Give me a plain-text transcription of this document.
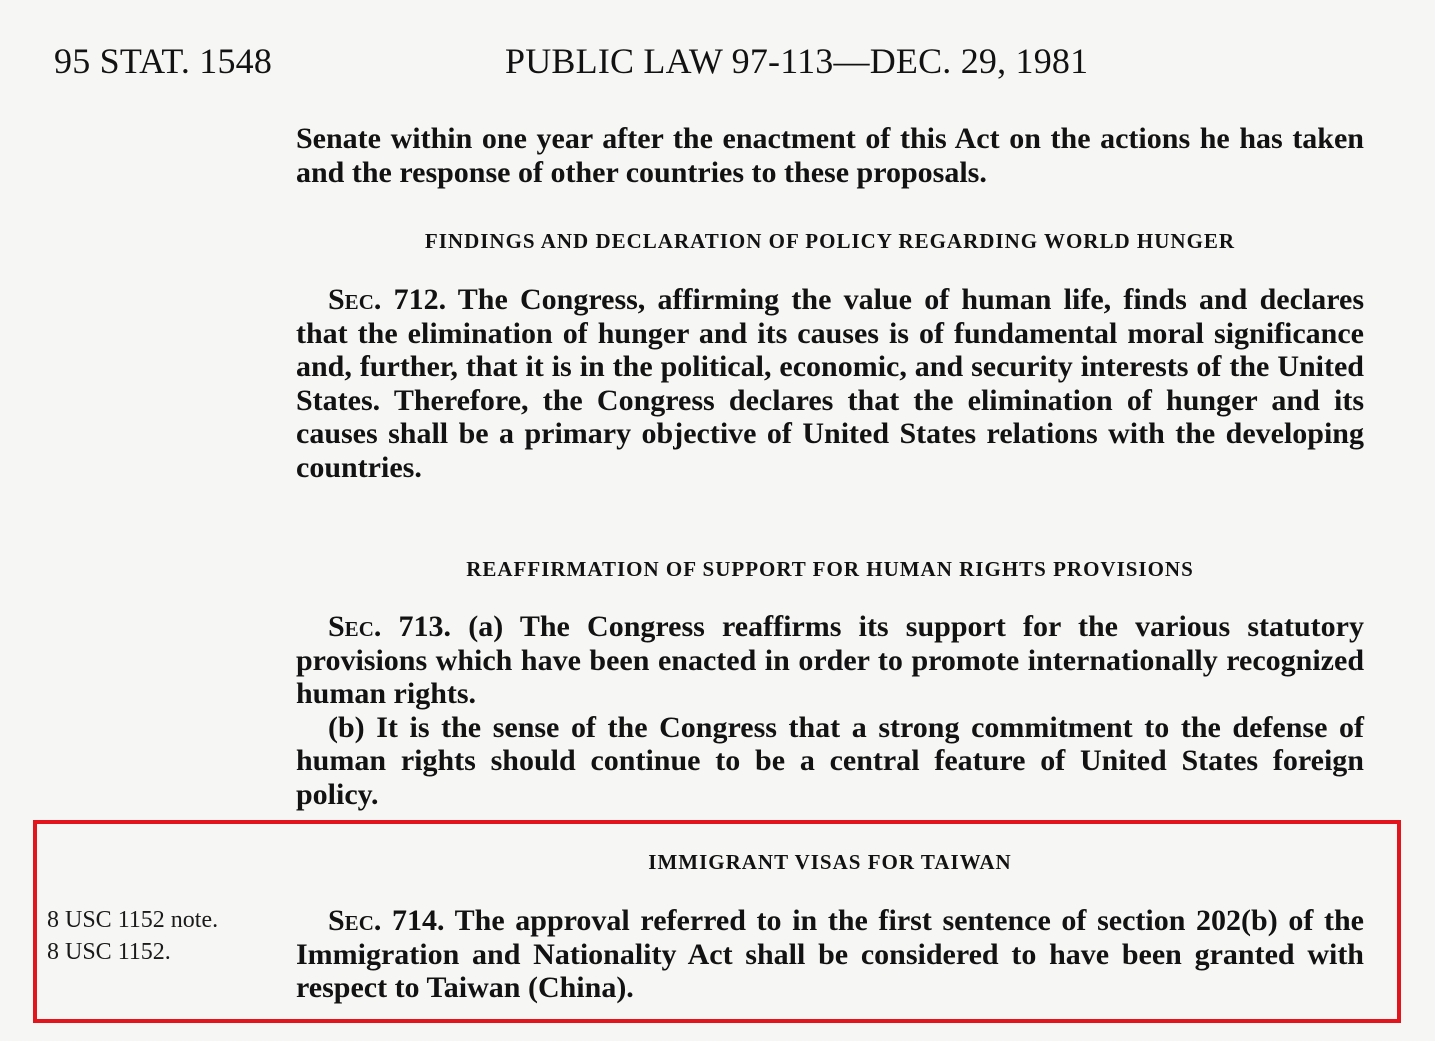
95 STAT. 1548	PUBLIC LAW 97-113—DEC. 29, 1981

Senate within one year after the enactment of this Act on the actions he has taken and the response of other countries to these proposals.

FINDINGS AND DECLARATION OF POLICY REGARDING WORLD HUNGER

Sec. 712. The Congress, affirming the value of human life, finds and declares that the elimination of hunger and its causes is of fundamental moral significance and, further, that it is in the political, economic, and security interests of the United States. Therefore, the Congress declares that the elimination of hunger and its causes shall be a primary objective of United States relations with the developing countries.

REAFFIRMATION OF SUPPORT FOR HUMAN RIGHTS PROVISIONS

Sec. 713. (a) The Congress reaffirms its support for the various statutory provisions which have been enacted in order to promote internationally recognized human rights.

(b) It is the sense of the Congress that a strong commitment to the defense of human rights should continue to be a central feature of United States foreign policy.

IMMIGRANT VISAS FOR TAIWAN
8 USC 1152 note.
8 USC 1152.

Sec. 714. The approval referred to in the first sentence of section 202(b) of the Immigration and Nationality Act shall be considered to have been granted with respect to Taiwan (China).
